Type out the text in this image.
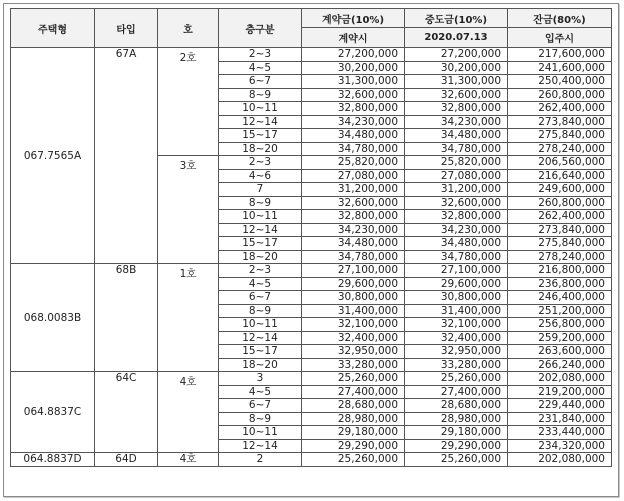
주택형	타입	호	층구분	계약금(10%)	중도금(10%)	잔금(80%)
				계약시	2020.07.13	입주시
067.7565A	67A	2호	2~3	27,200,000	27,200,000	217,600,000
			4~5	30,200,000	30,200,000	241,600,000
			6~7	31,300,000	31,300,000	250,400,000
			8~9	32,600,000	32,600,000	260,800,000
			10~11	32,800,000	32,800,000	262,400,000
			12~14	34,230,000	34,230,000	273,840,000
			15~17	34,480,000	34,480,000	275,840,000
			18~20	34,780,000	34,780,000	278,240,000
		3호	2~3	25,820,000	25,820,000	206,560,000
			4~6	27,080,000	27,080,000	216,640,000
			7	31,200,000	31,200,000	249,600,000
			8~9	32,600,000	32,600,000	260,800,000
			10~11	32,800,000	32,800,000	262,400,000
			12~14	34,230,000	34,230,000	273,840,000
			15~17	34,480,000	34,480,000	275,840,000
			18~20	34,780,000	34,780,000	278,240,000
068.0083B	68B	1호	2~3	27,100,000	27,100,000	216,800,000
			4~5	29,600,000	29,600,000	236,800,000
			6~7	30,800,000	30,800,000	246,400,000
			8~9	31,400,000	31,400,000	251,200,000
			10~11	32,100,000	32,100,000	256,800,000
			12~14	32,400,000	32,400,000	259,200,000
			15~17	32,950,000	32,950,000	263,600,000
			18~20	33,280,000	33,280,000	266,240,000
064.8837C	64C	4호	3	25,260,000	25,260,000	202,080,000
			4~5	27,400,000	27,400,000	219,200,000
			6~7	28,680,000	28,680,000	229,440,000
			8~9	28,980,000	28,980,000	231,840,000
			10~11	29,180,000	29,180,000	233,440,000
			12~14	29,290,000	29,290,000	234,320,000
064.8837D	64D	4호	2	25,260,000	25,260,000	202,080,000
